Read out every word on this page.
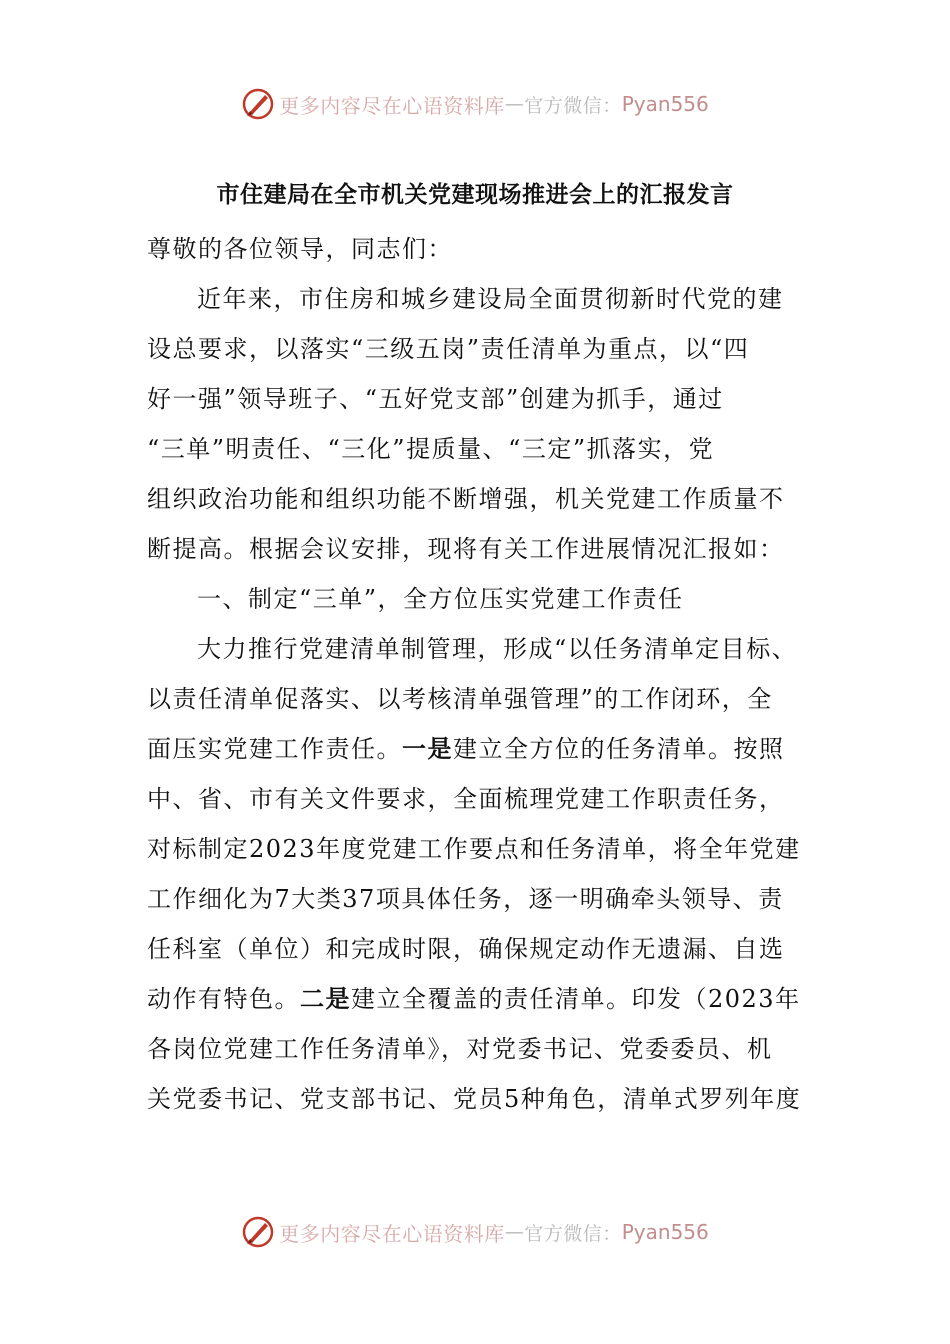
更多内容尽在心语资料库 — 官方微信： Pyan556
市住建局在全市机关党建现场推进会上的汇报发言
尊敬的各位领导，同志们：
近年来，市住房和城乡建设局全面贯彻新时代党的建
设总要求，以落实“三级五岗”责任清单为重点，以“四
好一强”领导班子、“五好党支部”创建为抓手，通过
“三单”明责任、“三化”提质量、“三定”抓落实，党
组织政治功能和组织功能不断增强，机关党建工作质量不
断提高。根据会议安排，现将有关工作进展情况汇报如：
一、制定“三单”，全方位压实党建工作责任
大力推行党建清单制管理，形成“以任务清单定目标、
以责任清单促落实、以考核清单强管理”的工作闭环，全
面压实党建工作责任。一是建立全方位的任务清单。按照
中、省、市有关文件要求，全面梳理党建工作职责任务，
对标制定2023年度党建工作要点和任务清单，将全年党建
工作细化为7大类37项具体任务，逐一明确牵头领导、责
任科室（单位）和完成时限，确保规定动作无遗漏、自选
动作有特色。二是建立全覆盖的责任清单。印发（2023年
各岗位党建工作任务清单》，对党委书记、党委委员、机
关党委书记、党支部书记、党员5种角色，清单式罗列年度
更多内容尽在心语资料库 — 官方微信： Pyan556
